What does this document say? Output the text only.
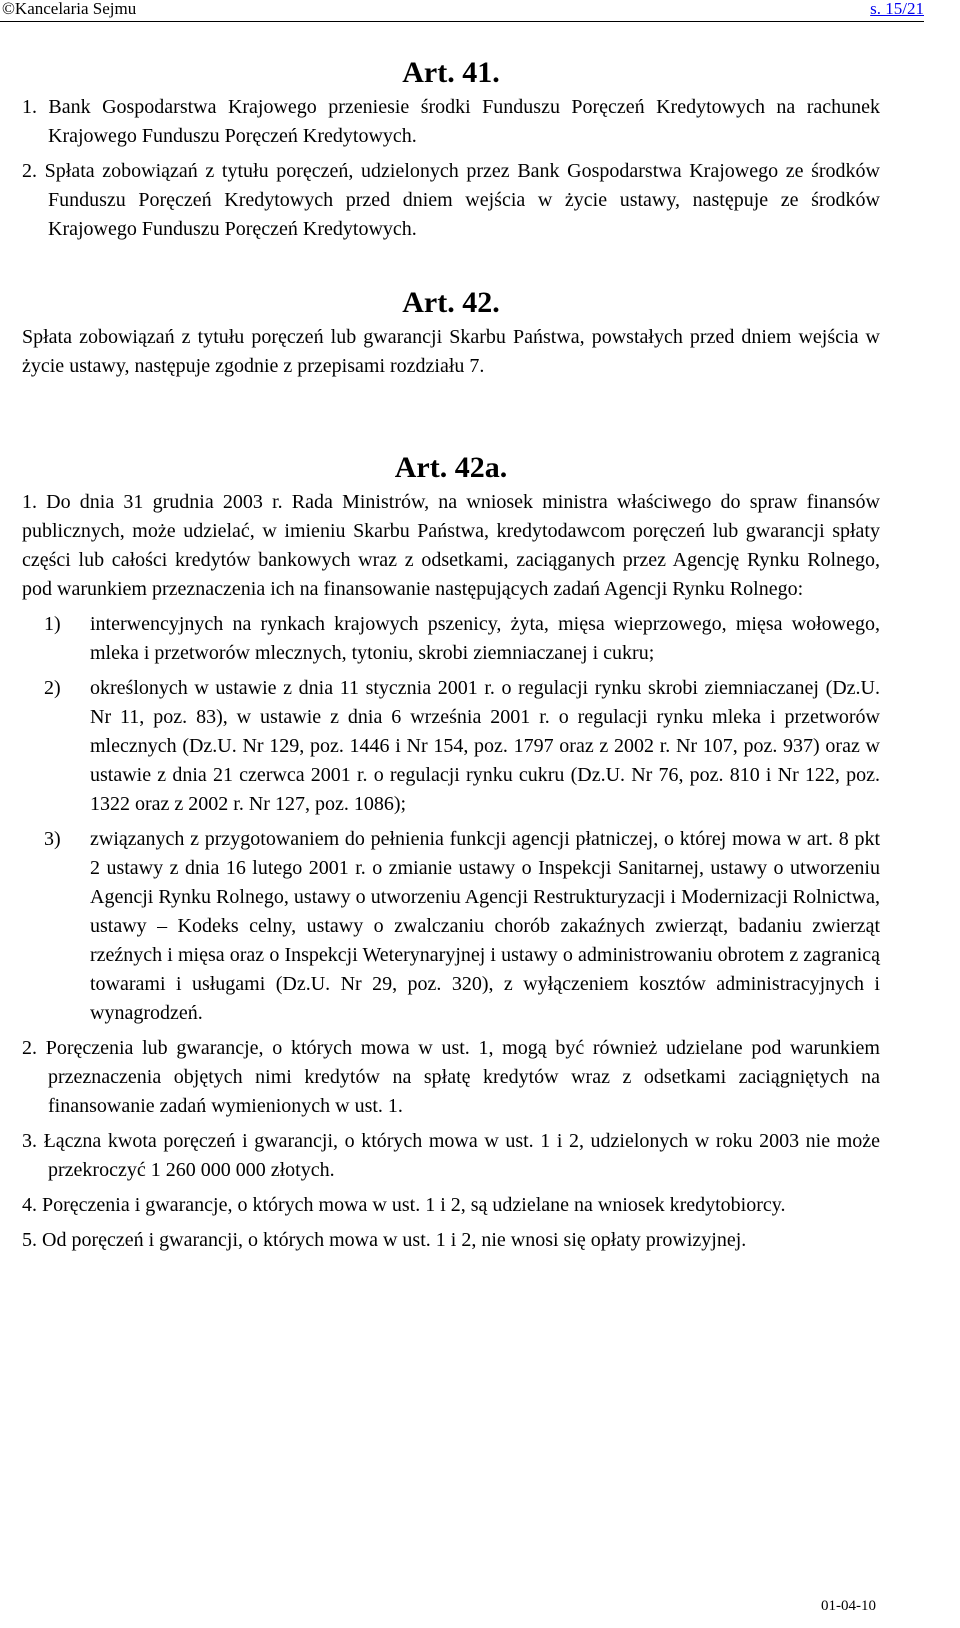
©Kancelaria Sejmu	s. 15/21
Art. 41.

1. Bank Gospodarstwa Krajowego przeniesie środki Funduszu Poręczeń Kredytowych na rachunek Krajowego Funduszu Poręczeń Kredytowych.

2. Spłata zobowiązań z tytułu poręczeń, udzielonych przez Bank Gospodarstwa Krajowego ze środków Funduszu Poręczeń Kredytowych przed dniem wejścia w życie ustawy, następuje ze środków Krajowego Funduszu Poręczeń Kredytowych.

Art. 42.

Spłata zobowiązań z tytułu poręczeń lub gwarancji Skarbu Państwa, powstałych przed dniem wejścia w życie ustawy, następuje zgodnie z przepisami rozdziału 7.

Art. 42a.

1. Do dnia 31 grudnia 2003 r. Rada Ministrów, na wniosek ministra właściwego do spraw finansów publicznych, może udzielać, w imieniu Skarbu Państwa, kredytodawcom poręczeń lub gwarancji spłaty części lub całości kredytów bankowych wraz z odsetkami, zaciąganych przez Agencję Rynku Rolnego, pod warunkiem przeznaczenia ich na finansowanie następujących zadań Agencji Rynku Rolnego:

1) interwencyjnych na rynkach krajowych pszenicy, żyta, mięsa wieprzowego, mięsa wołowego, mleka i przetworów mlecznych, tytoniu, skrobi ziemniaczanej i cukru;
2) określonych w ustawie z dnia 11 stycznia 2001 r. o regulacji rynku skrobi ziemniaczanej (Dz.U. Nr 11, poz. 83), w ustawie z dnia 6 września 2001 r. o regulacji rynku mleka i przetworów mlecznych (Dz.U. Nr 129, poz. 1446 i Nr 154, poz. 1797 oraz z 2002 r. Nr 107, poz. 937) oraz w ustawie z dnia 21 czerwca 2001 r. o regulacji rynku cukru (Dz.U. Nr 76, poz. 810 i Nr 122, poz. 1322 oraz z 2002 r. Nr 127, poz. 1086);
3) związanych z przygotowaniem do pełnienia funkcji agencji płatniczej, o której mowa w art. 8 pkt 2 ustawy z dnia 16 lutego 2001 r. o zmianie ustawy o Inspekcji Sanitarnej, ustawy o utworzeniu Agencji Rynku Rolnego, ustawy o utworzeniu Agencji Restrukturyzacji i Modernizacji Rolnictwa, ustawy – Kodeks celny, ustawy o zwalczaniu chorób zakaźnych zwierząt, badaniu zwierząt rzeźnych i mięsa oraz o Inspekcji Weterynaryjnej i ustawy o administrowaniu obrotem z zagranicą towarami i usługami (Dz.U. Nr 29, poz. 320), z wyłączeniem kosztów administracyjnych i wynagrodzeń.

2. Poręczenia lub gwarancje, o których mowa w ust. 1, mogą być również udzielane pod warunkiem przeznaczenia objętych nimi kredytów na spłatę kredytów wraz z odsetkami zaciągniętych na finansowanie zadań wymienionych w ust. 1.

3. Łączna kwota poręczeń i gwarancji, o których mowa w ust. 1 i 2, udzielonych w roku 2003 nie może przekroczyć 1 260 000 000 złotych.

4. Poręczenia i gwarancje, o których mowa w ust. 1 i 2, są udzielane na wniosek kredytobiorcy.

5. Od poręczeń i gwarancji, o których mowa w ust. 1 i 2, nie wnosi się opłaty prowizyjnej.

01-04-10
